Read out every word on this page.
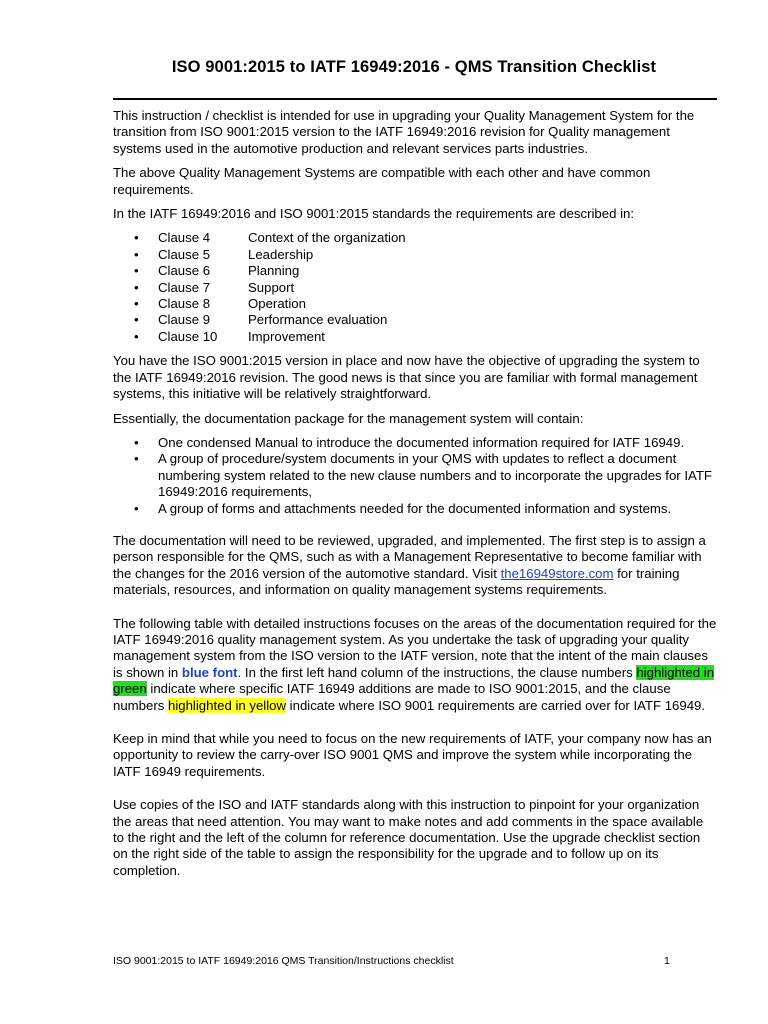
ISO 9001:2015 to IATF 16949:2016 - QMS Transition Checklist

This instruction / checklist is intended for use in upgrading your Quality Management System for the transition from ISO 9001:2015 version to the IATF 16949:2016 revision for Quality management systems used in the automotive production and relevant services parts industries.

The above Quality Management Systems are compatible with each other and have common requirements.

In the IATF 16949:2016 and ISO 9001:2015 standards the requirements are described in:

• Clause 4	Context of the organization
• Clause 5	Leadership
• Clause 6	Planning
• Clause 7	Support
• Clause 8	Operation
• Clause 9	Performance evaluation
• Clause 10 Improvement

You have the ISO 9001:2015 version in place and now have the objective of upgrading the system to the IATF 16949:2016 revision. The good news is that since you are familiar with formal management systems, this initiative will be relatively straightforward.

Essentially, the documentation package for the management system will contain:

• One condensed Manual to introduce the documented information required for IATF 16949.
• A group of procedure/system documents in your QMS with updates to reflect a document numbering system related to the new clause numbers and to incorporate the upgrades for IATF 16949:2016 requirements,
• A group of forms and attachments needed for the documented information and systems.

The documentation will need to be reviewed, upgraded, and implemented. The first step is to assign a person responsible for the QMS, such as with a Management Representative to become familiar with the changes for the 2016 version of the automotive standard. Visit the16949store.com for training materials, resources, and information on quality management systems requirements.

The following table with detailed instructions focuses on the areas of the documentation required for the IATF 16949:2016 quality management system. As you undertake the task of upgrading your quality management system from the ISO version to the IATF version, note that the intent of the main clauses is shown in blue font. In the first left hand column of the instructions, the clause numbers highlighted in green indicate where specific IATF 16949 additions are made to ISO 9001:2015, and the clause numbers highlighted in yellow indicate where ISO 9001 requirements are carried over for IATF 16949.

Keep in mind that while you need to focus on the new requirements of IATF, your company now has an opportunity to review the carry-over ISO 9001 QMS and improve the system while incorporating the IATF 16949 requirements.

Use copies of the ISO and IATF standards along with this instruction to pinpoint for your organization the areas that need attention. You may want to make notes and add comments in the space available to the right and the left of the column for reference documentation. Use the upgrade checklist section on the right side of the table to assign the responsibility for the upgrade and to follow up on its completion.

ISO 9001:2015 to IATF 16949:2016 QMS Transition/Instructions checklist	1
